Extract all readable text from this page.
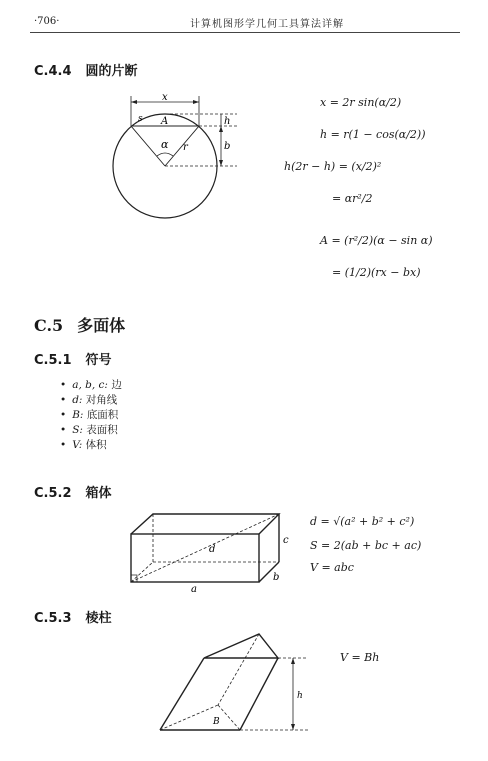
·706·	计算机图形学几何工具算法详解
C.4.4 圆的片断
x
s A	h
α r	b
x = 2r sin(α/2)
h = r(1 − cos(α/2))
h(2r − h) = (x/2)²
= αr²/2
A = (r²/2)(α − sin α)
= (1/2)(rx − bx)
C.5 多面体
C.5.1 符号
• a, b, c: 边
• d: 对角线
• B: 底面积
• S: 表面积
• V: 体积
C.5.2 箱体
d
c
b
a
d = √(a² + b² + c²)
S = 2(ab + bc + ac)
V = abc
C.5.3 棱柱
B
h
V = Bh
